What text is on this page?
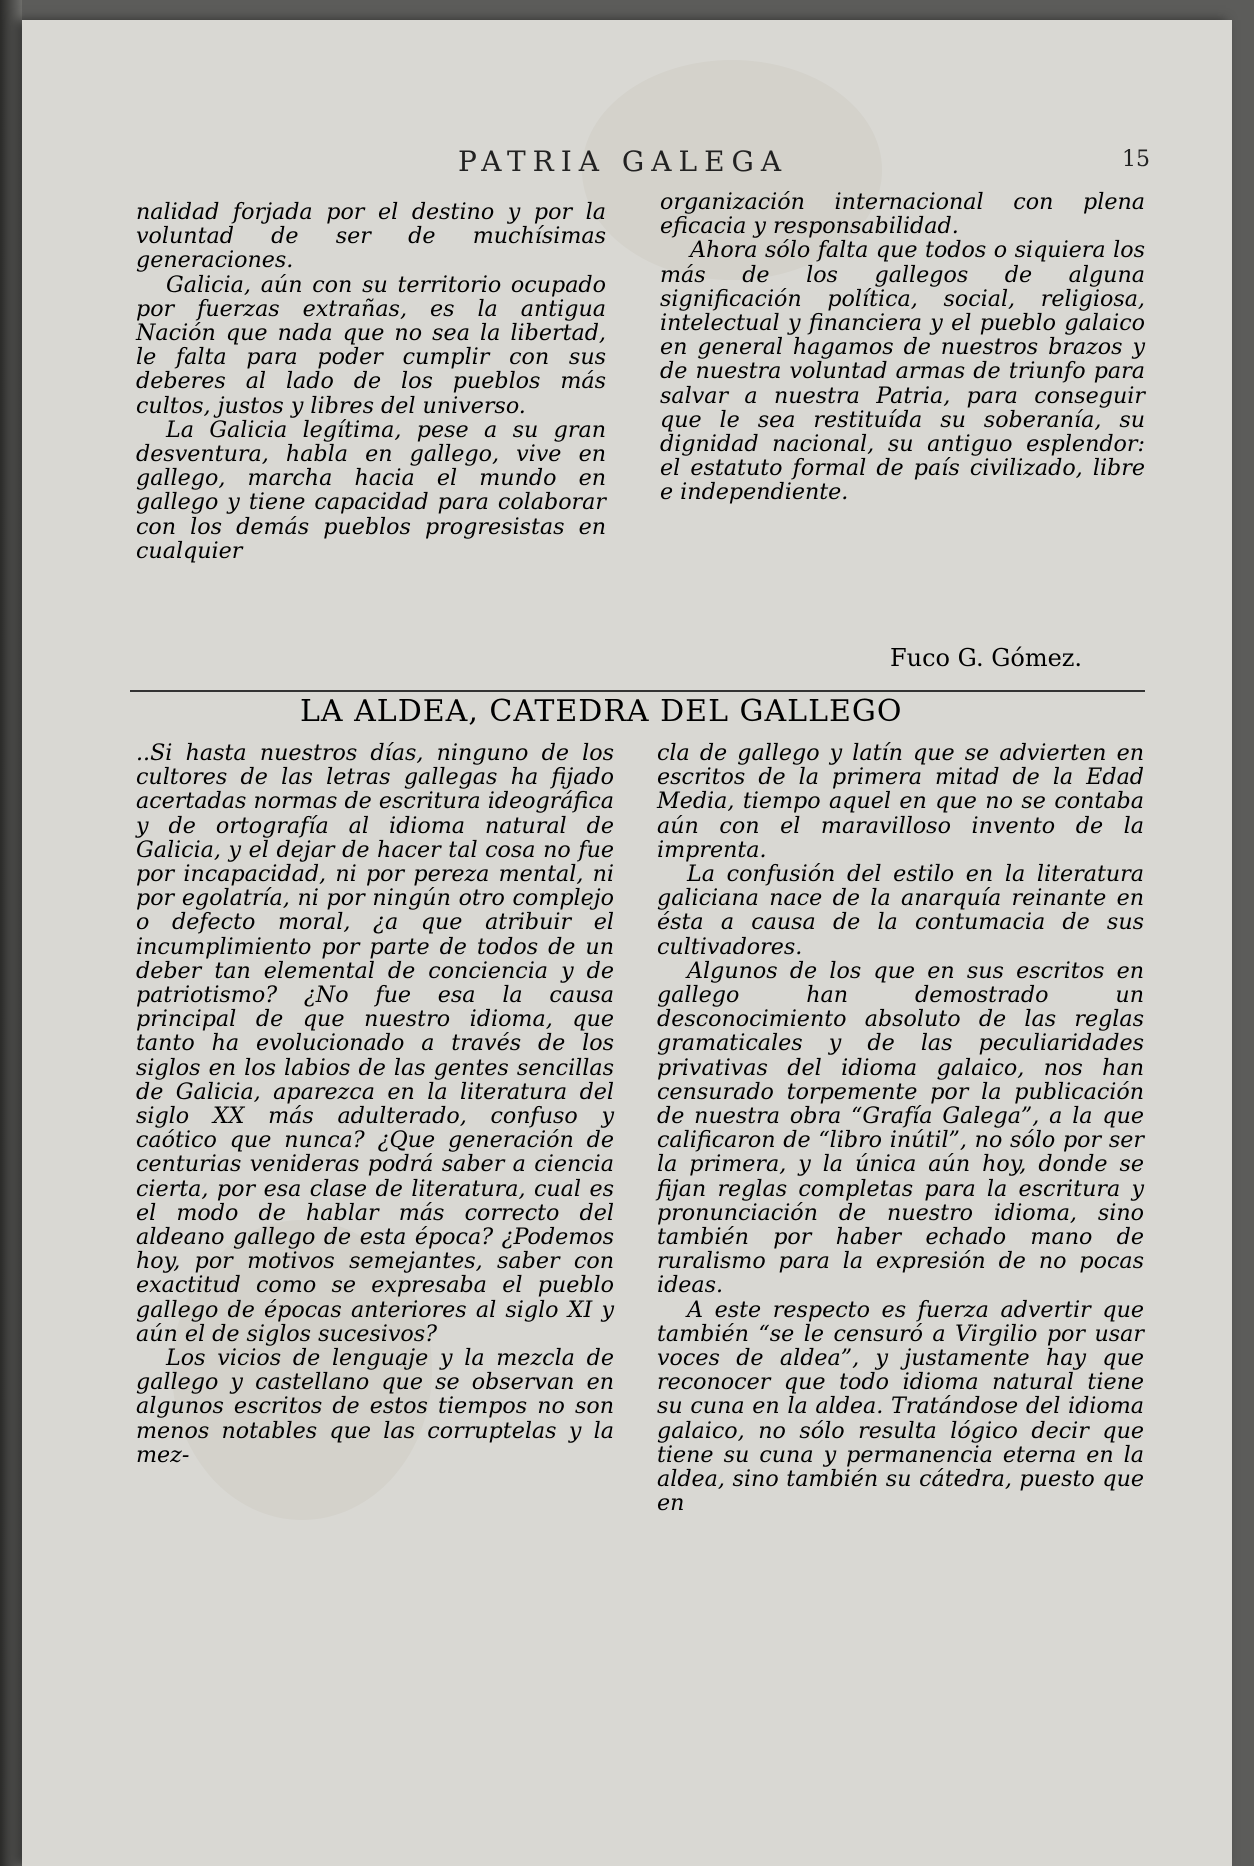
PATRIA GALEGA	15

nalidad forjada por el destino y por la voluntad de ser de muchísimas generaciones.

Galicia, aún con su territorio ocupado por fuerzas extrañas, es la antigua Nación que nada que no sea la libertad, le falta para poder cumplir con sus deberes al lado de los pueblos más cultos, justos y libres del universo.

La Galicia legítima, pese a su gran desventura, habla en gallego, vive en gallego, marcha hacia el mundo en gallego y tiene capacidad para colaborar con los demás pueblos progresistas en cualquier

organización internacional con plena eficacia y responsabilidad.

Ahora sólo falta que todos o siquiera los más de los gallegos de alguna significación política, social, religiosa, intelectual y financiera y el pueblo galaico en general hagamos de nuestros brazos y de nuestra voluntad armas de triunfo para salvar a nuestra Patria, para conseguir que le sea restituída su soberanía, su dignidad nacional, su antiguo esplendor: el estatuto formal de país civilizado, libre e independiente.

Fuco G. Gómez.
LA ALDEA, CATEDRA DEL GALLEGO

..Si hasta nuestros días, ninguno de los cultores de las letras gallegas ha fijado acertadas normas de escritura ideográfica y de ortografía al idioma natural de Galicia, y el dejar de hacer tal cosa no fue por incapacidad, ni por pereza mental, ni por egolatría, ni por ningún otro complejo o defecto moral, ¿a que atribuir el incumplimiento por parte de todos de un deber tan elemental de conciencia y de patriotismo? ¿No fue esa la causa principal de que nuestro idioma, que tanto ha evolucionado a través de los siglos en los labios de las gentes sencillas de Galicia, aparezca en la literatura del siglo XX más adulterado, confuso y caótico que nunca? ¿Que generación de centurias venideras podrá saber a ciencia cierta, por esa clase de literatura, cual es el modo de hablar más correcto del aldeano gallego de esta época? ¿Podemos hoy, por motivos semejantes, saber con exactitud como se expresaba el pueblo gallego de épocas anteriores al siglo XI y aún el de siglos sucesivos?

Los vicios de lenguaje y la mezcla de gallego y castellano que se observan en algunos escritos de estos tiempos no son menos notables que las corruptelas y la mez-

cla de gallego y latín que se advierten en escritos de la primera mitad de la Edad Media, tiempo aquel en que no se contaba aún con el maravilloso invento de la imprenta.

La confusión del estilo en la literatura galiciana nace de la anarquía reinante en ésta a causa de la contumacia de sus cultivadores.

Algunos de los que en sus escritos en gallego han demostrado un desconocimiento absoluto de las reglas gramaticales y de las peculiaridades privativas del idioma galaico, nos han censurado torpemente por la publicación de nuestra obra “Grafía Galega”, a la que calificaron de “libro inútil”, no sólo por ser la primera, y la única aún hoy, donde se fijan reglas completas para la escritura y pronunciación de nuestro idioma, sino también por haber echado mano de ruralismo para la expresión de no pocas ideas.

A este respecto es fuerza advertir que también “se le censuró a Virgilio por usar voces de aldea”, y justamente hay que reconocer que todo idioma natural tiene su cuna en la aldea. Tratándose del idioma galaico, no sólo resulta lógico decir que tiene su cuna y permanencia eterna en la aldea, sino también su cátedra, puesto que en
